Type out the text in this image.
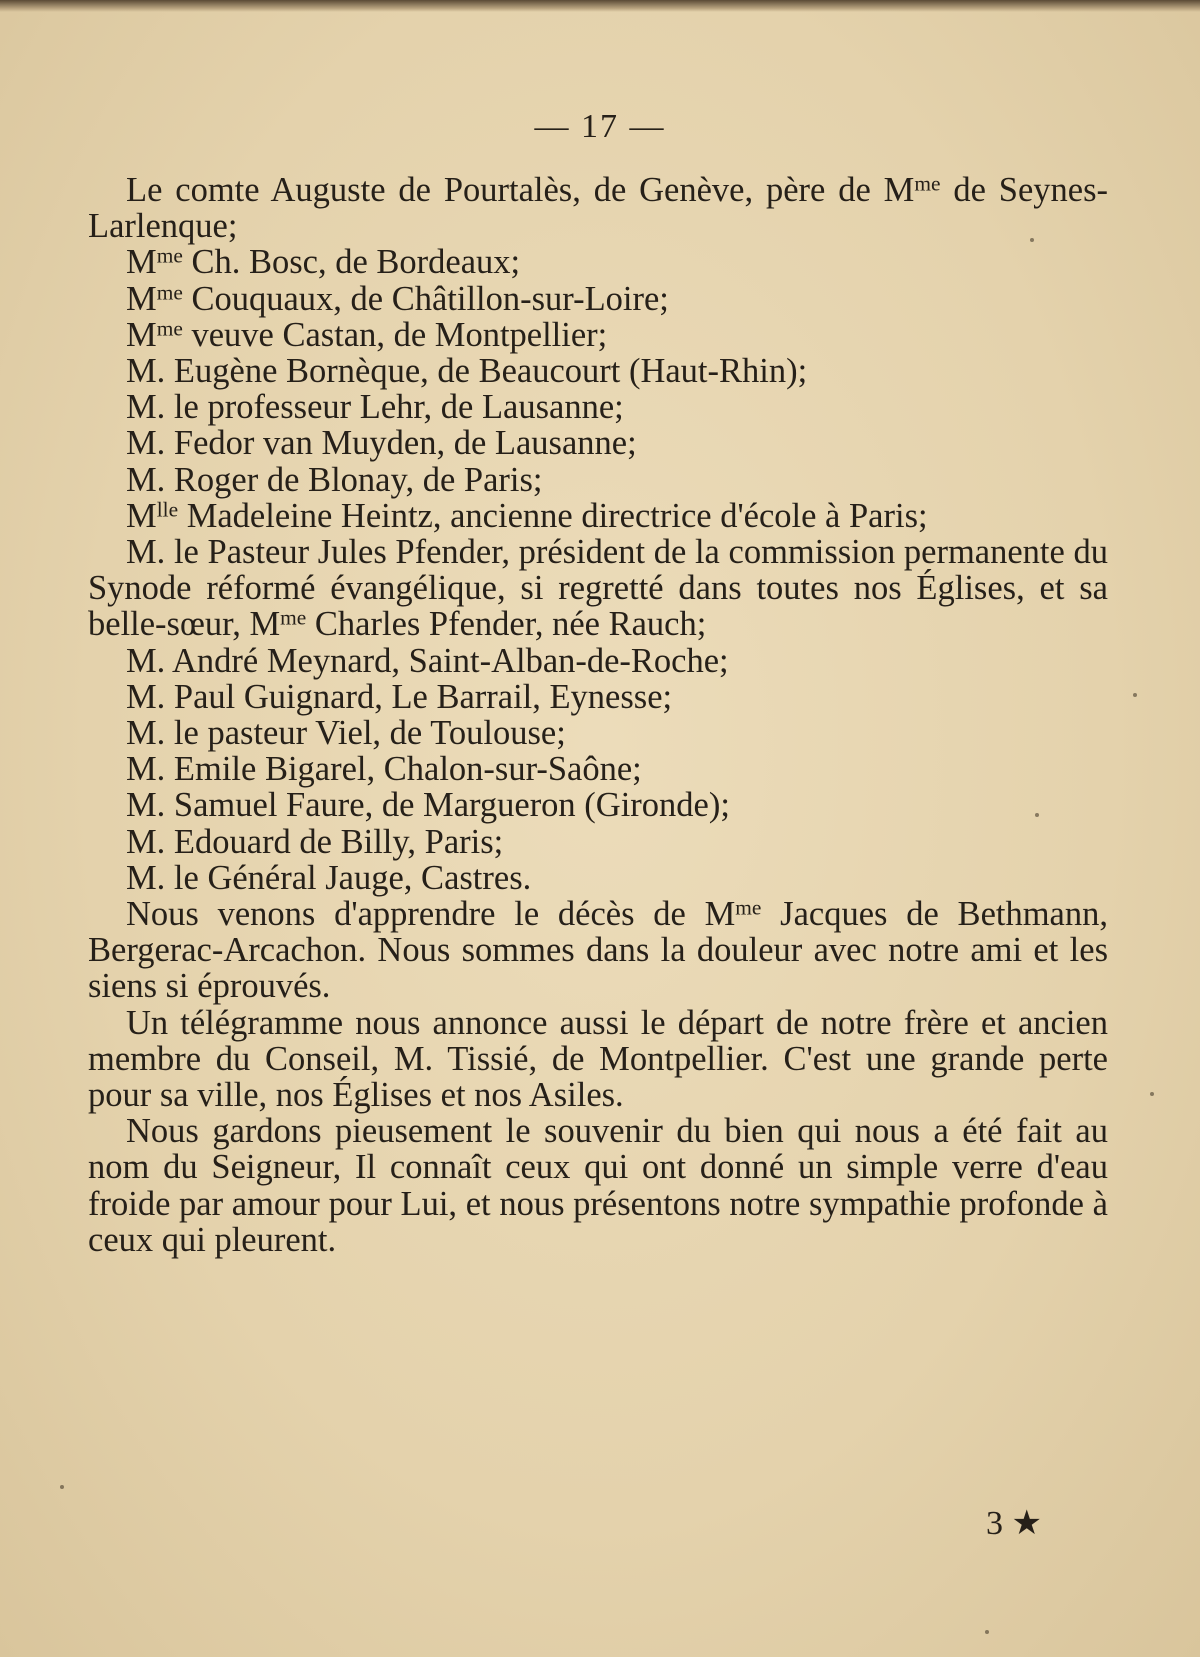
— 17 —

Le comte Auguste de Pourtalès, de Genève, père de $M^{me}$ de Seynes-Larlenque;

$M^{me}$ Ch. Bosc, de Bordeaux;

$M^{me}$ Couquaux, de Châtillon-sur-Loire;

$M^{me}$ veuve Castan, de Montpellier;

M. Eugène Bornèque, de Beaucourt (Haut-Rhin);

M. le professeur Lehr, de Lausanne;

M. Fedor van Muyden, de Lausanne;

M. Roger de Blonay, de Paris;

$M^{lle}$ Madeleine Heintz, ancienne directrice d'école à Paris;

M. le Pasteur Jules Pfender, président de la commission permanente du Synode réformé évangélique, si regretté dans toutes nos Églises, et sa belle-sœur, $M^{me}$ Charles Pfender, née Rauch;

M. André Meynard, Saint-Alban-de-Roche;

M. Paul Guignard, Le Barrail, Eynesse;

M. le pasteur Viel, de Toulouse;

M. Emile Bigarel, Chalon-sur-Saône;

M. Samuel Faure, de Margueron (Gironde);

M. Edouard de Billy, Paris;

M. le Général Jauge, Castres.

Nous venons d'apprendre le décès de $M^{me}$ Jacques de Bethmann, Bergerac-Arcachon. Nous sommes dans la douleur avec notre ami et les siens si éprouvés.

Un télégramme nous annonce aussi le départ de notre frère et ancien membre du Conseil, M. Tissié, de Montpellier. C'est une grande perte pour sa ville, nos Églises et nos Asiles.

Nous gardons pieusement le souvenir du bien qui nous a été fait au nom du Seigneur, Il connaît ceux qui ont donné un simple verre d'eau froide par amour pour Lui, et nous présentons notre sympathie profonde à ceux qui pleurent.

3 ★
